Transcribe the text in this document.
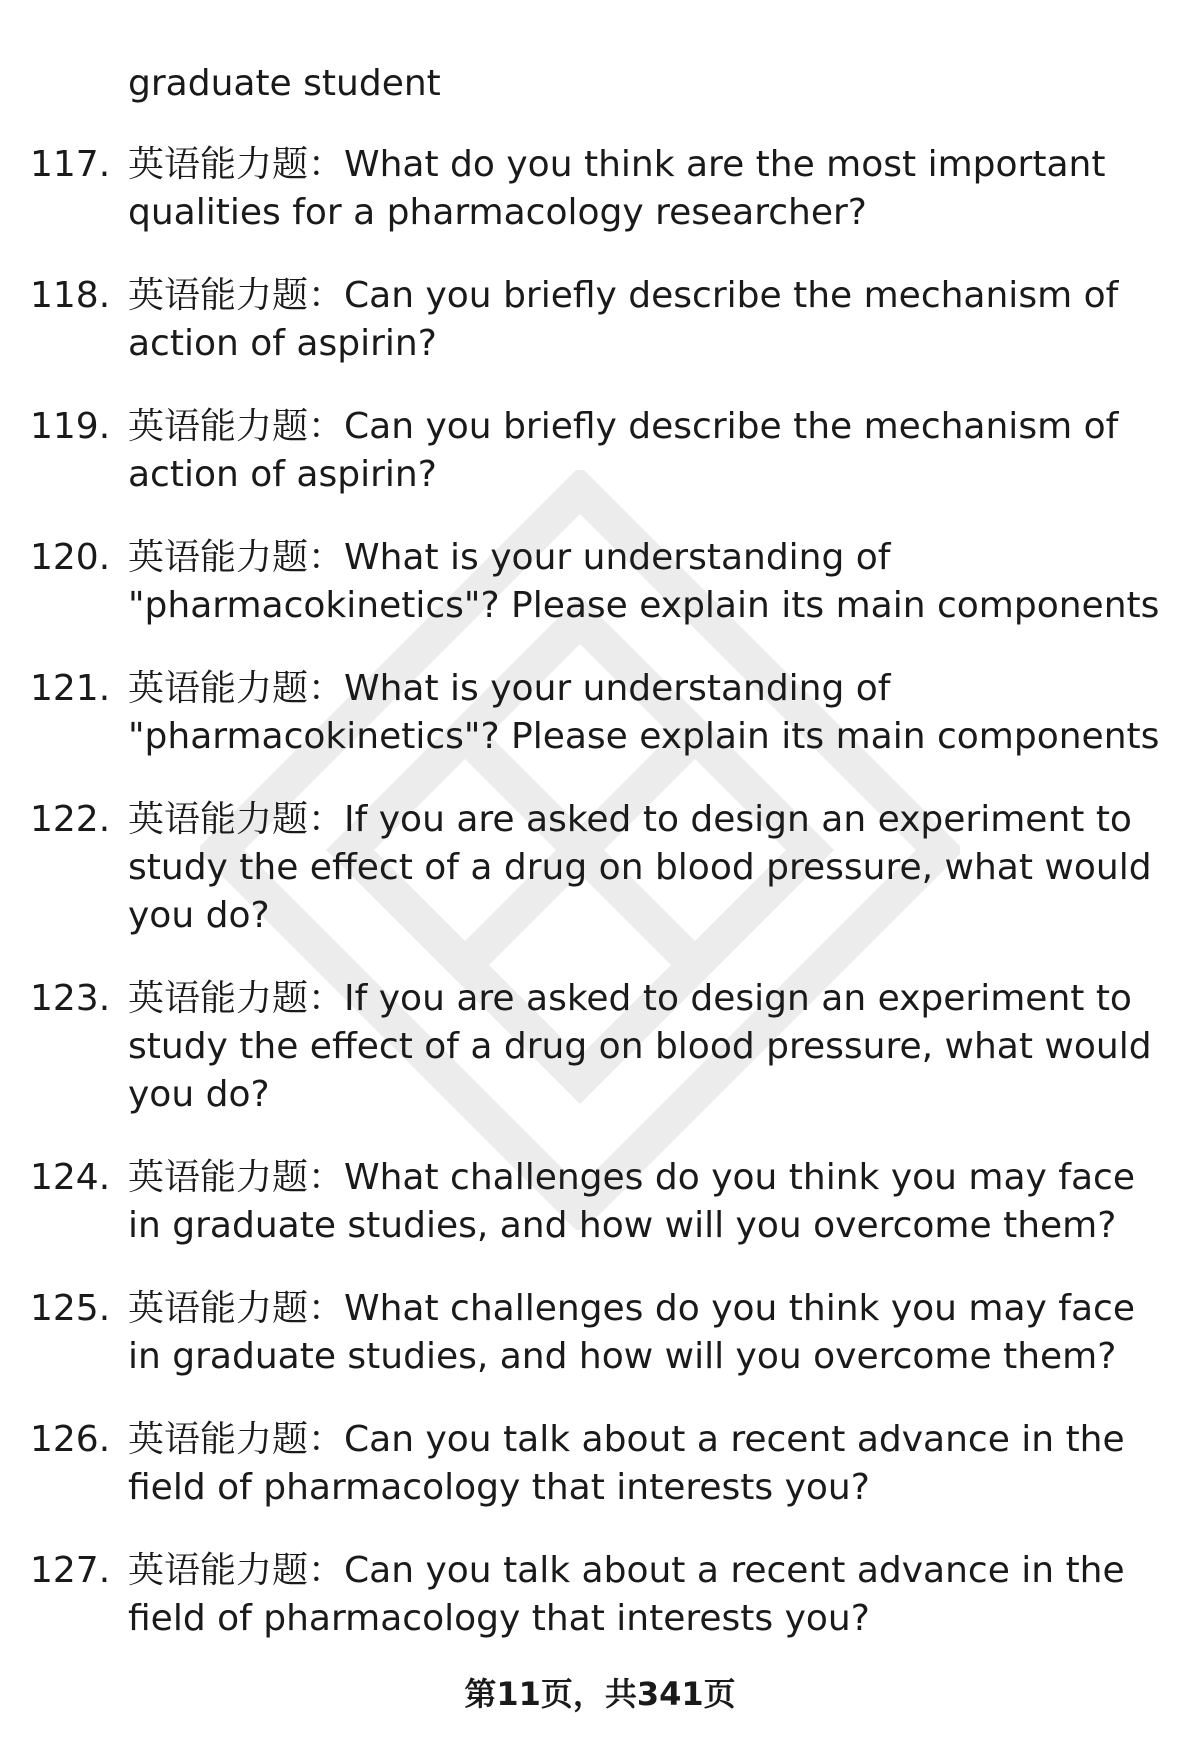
graduate student

117. 英语能力题：What do you think are the most important qualities for a pharmacology researcher?
118. 英语能力题：Can you briefly describe the mechanism of action of aspirin?
119. 英语能力题：Can you briefly describe the mechanism of action of aspirin?
120. 英语能力题：What is your understanding of "pharmacokinetics"? Please explain its main components
121. 英语能力题：What is your understanding of "pharmacokinetics"? Please explain its main components
122. 英语能力题：If you are asked to design an experiment to study the effect of a drug on blood pressure, what would you do?
123. 英语能力题：If you are asked to design an experiment to study the effect of a drug on blood pressure, what would you do?
124. 英语能力题：What challenges do you think you may face in graduate studies, and how will you overcome them?
125. 英语能力题：What challenges do you think you may face in graduate studies, and how will you overcome them?
126. 英语能力题：Can you talk about a recent advance in the field of pharmacology that interests you?
127. 英语能力题：Can you talk about a recent advance in the field of pharmacology that interests you?
第11页，共341页
